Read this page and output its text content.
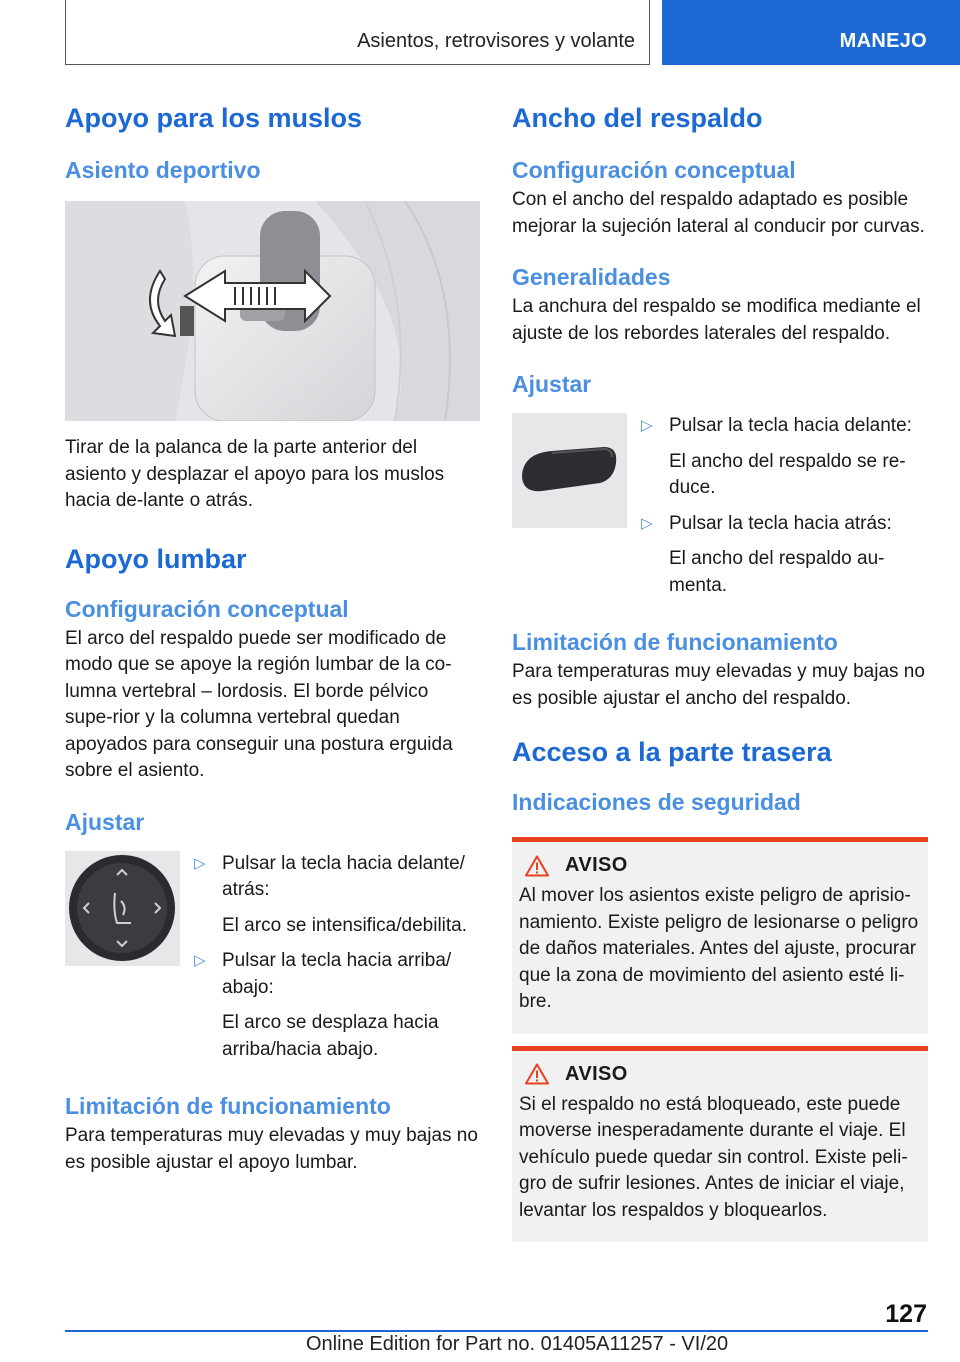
Asientos, retrovisores y volante	MANEJO
Apoyo para los muslos
Asiento deportivo

Tirar de la palanca de la parte anterior del asiento y desplazar el apoyo para los muslos hacia de-lante o atrás.

Apoyo lumbar
Configuración conceptual

El arco del respaldo puede ser modificado de modo que se apoye la región lumbar de la co-lumna vertebral – lordosis. El borde pélvico supe-rior y la columna vertebral quedan apoyados para conseguir una postura erguida sobre el asiento.

Ajustar
▷ Pulsar la tecla hacia delante/ atrás:
El arco se intensifica/debilita.
▷ Pulsar la tecla hacia arriba/ abajo:
El arco se desplaza hacia arriba/hacia abajo.
Limitación de funcionamiento

Para temperaturas muy elevadas y muy bajas no es posible ajustar el apoyo lumbar.

Ancho del respaldo
Configuración conceptual

Con el ancho del respaldo adaptado es posible mejorar la sujeción lateral al conducir por curvas.

Generalidades

La anchura del respaldo se modifica mediante el ajuste de los rebordes laterales del respaldo.

Ajustar
▷ Pulsar la tecla hacia delante:
El ancho del respaldo se re-duce.
▷ Pulsar la tecla hacia atrás:
El ancho del respaldo au-menta.
Limitación de funcionamiento

Para temperaturas muy elevadas y muy bajas no es posible ajustar el ancho del respaldo.

Acceso a la parte trasera
Indicaciones de seguridad
AVISO

Al mover los asientos existe peligro de aprisio-namiento. Existe peligro de lesionarse o peligro de daños materiales. Antes del ajuste, procurar que la zona de movimiento del asiento esté li-bre.

AVISO

Si el respaldo no está bloqueado, este puede moverse inesperadamente durante el viaje. El vehículo puede quedar sin control. Existe peli-gro de sufrir lesiones. Antes de iniciar el viaje, levantar los respaldos y bloquearlos.

127
Online Edition for Part no. 01405A11257 - VI/20
